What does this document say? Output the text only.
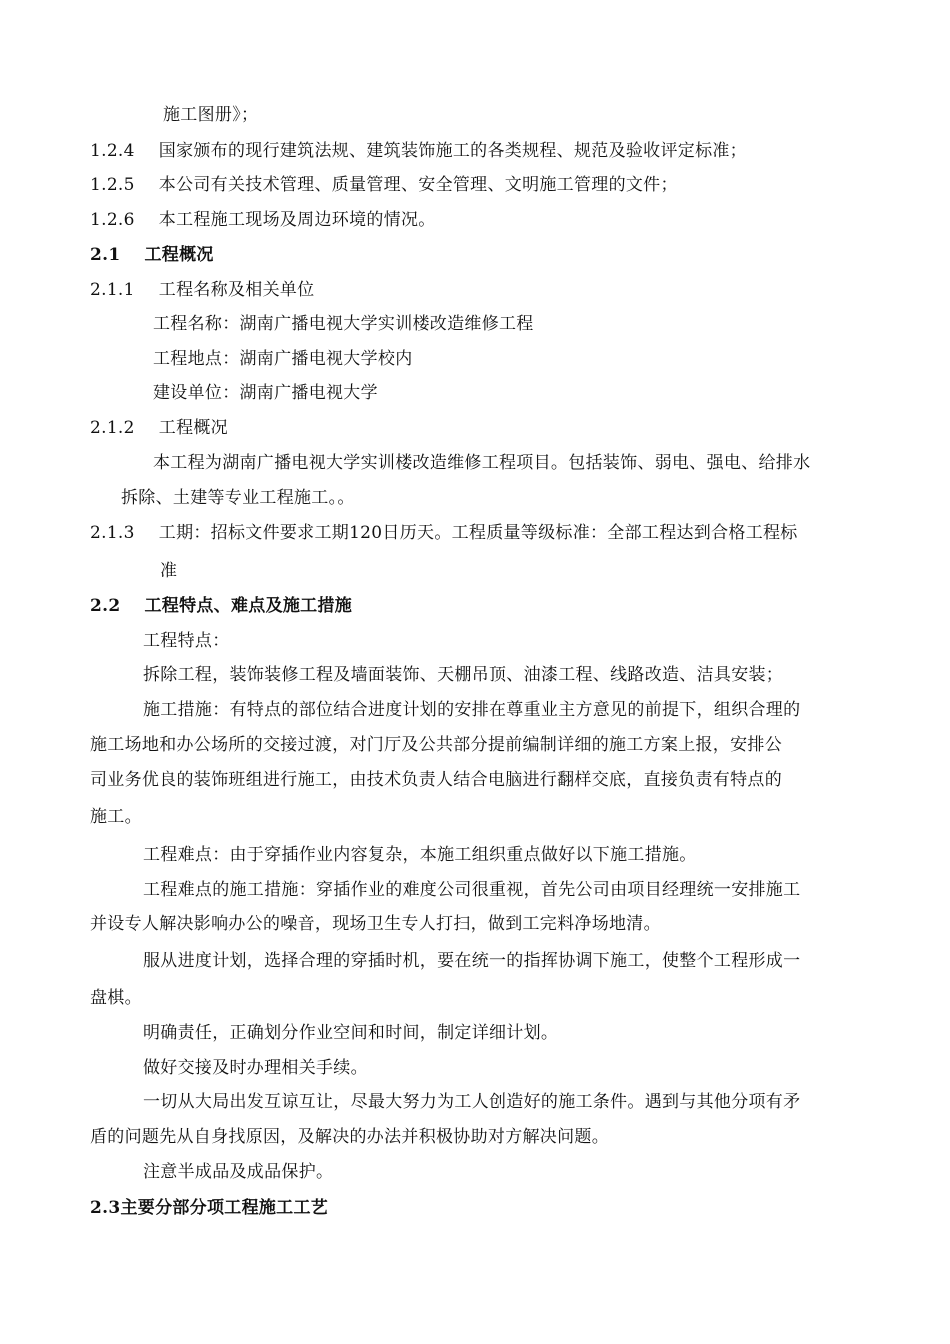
施工图册》；
1.2.4 国家颁布的现行建筑法规、建筑装饰施工的各类规程、规范及验收评定标准；
1.2.5 本公司有关技术管理、质量管理、安全管理、文明施工管理的文件；
1.2.6 本工程施工现场及周边环境的情况。
2.1 工程概况
2.1.1 工程名称及相关单位
工程名称：湖南广播电视大学实训楼改造维修工程
工程地点：湖南广播电视大学校内
建设单位：湖南广播电视大学
2.1.2 工程概况
本工程为湖南广播电视大学实训楼改造维修工程项目。包括装饰、弱电、强电、给排水
拆除、土建等专业工程施工。。
2.1.3 工期：招标文件要求工期120日历天。工程质量等级标准：全部工程达到合格工程标
准
2.2 工程特点、难点及施工措施
工程特点：
拆除工程，装饰装修工程及墙面装饰、天棚吊顶、油漆工程、线路改造、洁具安装；
施工措施：有特点的部位结合进度计划的安排在尊重业主方意见的前提下，组织合理的
施工场地和办公场所的交接过渡，对门厅及公共部分提前编制详细的施工方案上报，安排公
司业务优良的装饰班组进行施工，由技术负责人结合电脑进行翻样交底，直接负责有特点的
施工。
工程难点：由于穿插作业内容复杂，本施工组织重点做好以下施工措施。
工程难点的施工措施：穿插作业的难度公司很重视，首先公司由项目经理统一安排施工
并设专人解决影响办公的噪音，现场卫生专人打扫，做到工完料净场地清。
服从进度计划，选择合理的穿插时机，要在统一的指挥协调下施工，使整个工程形成一
盘棋。
明确责任，正确划分作业空间和时间，制定详细计划。
做好交接及时办理相关手续。
一切从大局出发互谅互让，尽最大努力为工人创造好的施工条件。遇到与其他分项有矛
盾的问题先从自身找原因，及解决的办法并积极协助对方解决问题。
注意半成品及成品保护。
2.3主要分部分项工程施工工艺
